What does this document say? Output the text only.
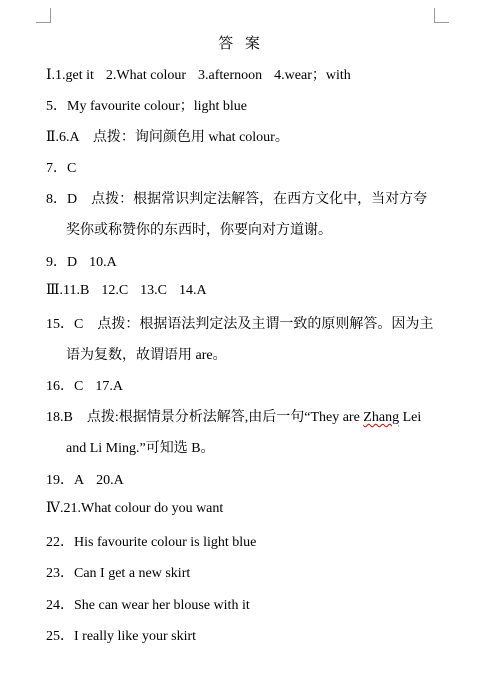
答 案
Ⅰ.1.get it 2.What colour 3.afternoon 4.wear；with
5．My favourite colour；light blue
Ⅱ.6.A　点拨：询问颜色用 what colour。
7．C
8．D　点拨：根据常识判定法解答，在西方文化中，当对方夸
奖你或称赞你的东西时，你要向对方道谢。
9．D 10.A
Ⅲ.11.B 12.C 13.C 14.A
15．C　点拨：根据语法判定法及主谓一致的原则解答。因为主
语为复数，故谓语用 are。
16．C 17.A
18.B　点拨:根据情景分析法解答,由后一句“They are Zhang Lei
and Li Ming.”可知选 B。
19．A 20.A
Ⅳ.21.What colour do you want
22．His favourite colour is light blue
23．Can I get a new skirt
24．She can wear her blouse with it
25．I really like your skirt
